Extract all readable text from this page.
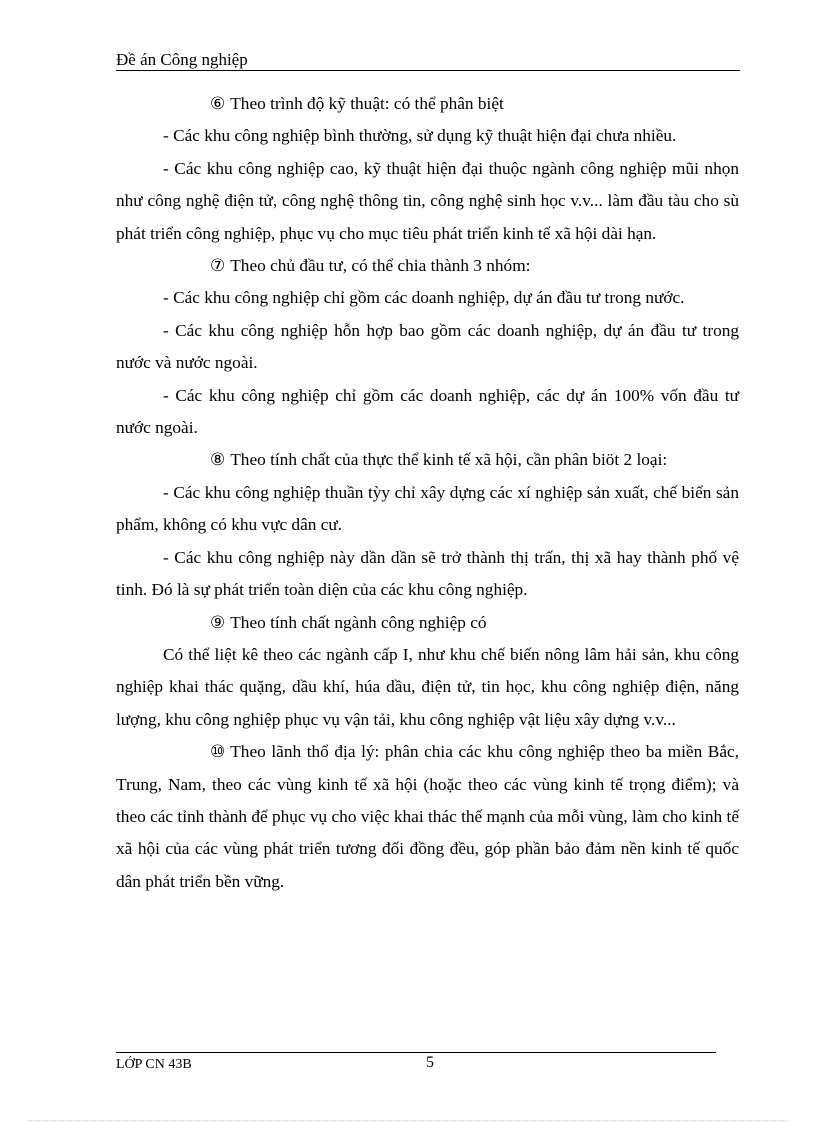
Đề án Công nghiệp

⑥ Theo trình độ kỹ thuật: có thể phân biệt

- Các khu công nghiệp bình thường, sử dụng kỹ thuật hiện đại chưa nhiều.

- Các khu công nghiệp cao, kỹ thuật hiện đại thuộc ngành công nghiệp mũi nhọn như công nghệ điện tử, công nghệ thông tin, công nghệ sinh học v.v... làm đầu tàu cho sù phát triển công nghiệp, phục vụ cho mục tiêu phát triển kinh tế xã hội dài hạn.

⑦ Theo chủ đầu tư, có thể chia thành 3 nhóm:

- Các khu công nghiệp chỉ gồm các doanh nghiệp, dự án đầu tư trong nước.

- Các khu công nghiệp hỗn hợp bao gồm các doanh nghiệp, dự án đầu tư trong nước và nước ngoài.

- Các khu công nghiệp chỉ gồm các doanh nghiệp, các dự án 100% vốn đầu tư nước ngoài.

⑧ Theo tính chất của thực thể kinh tế xã hội, cần phân biöt 2 loại:

- Các khu công nghiệp thuần tỳy chỉ xây dựng các xí nghiệp sản xuất, chế biến sản phẩm, không có khu vực dân cư.

- Các khu công nghiệp này dần dần sẽ trở thành thị trấn, thị xã hay thành phố vệ tinh. Đó là sự phát triển toàn diện của các khu công nghiệp.

⑨ Theo tính chất ngành công nghiệp có

Có thể liệt kê theo các ngành cấp I, như khu chế biến nông lâm hải sản, khu công nghiệp khai thác quặng, dầu khí, húa dầu, điện tử, tin học, khu công nghiệp điện, năng lượng, khu công nghiệp phục vụ vận tải, khu công nghiệp vật liệu xây dựng v.v...

⑩ Theo lãnh thổ địa lý: phân chia các khu công nghiệp theo ba miền Bắc, Trung, Nam, theo các vùng kinh tế xã hội (hoặc theo các vùng kinh tế trọng điểm); và theo các tỉnh thành để phục vụ cho việc khai thác thế mạnh của mỗi vùng, làm cho kinh tế xã hội của các vùng phát triển tương đối đồng đều, góp phần bảo đảm nền kinh tế quốc dân phát triển bền vững.

LỚP CN 43B	5
